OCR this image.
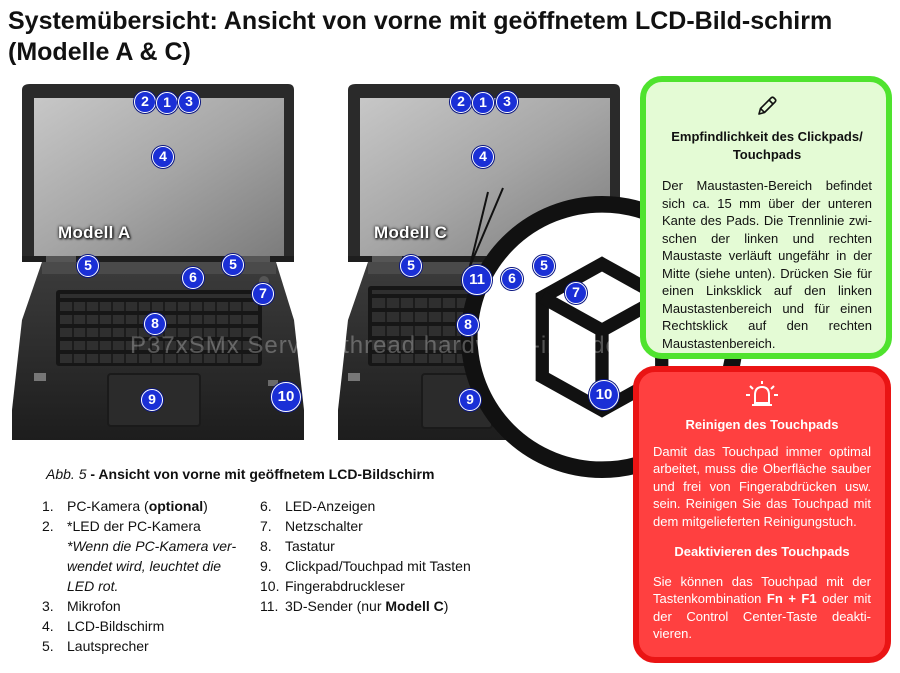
Systemübersicht: Ansicht von vorne mit geöffnetem LCD-Bild-schirm (Modelle A & C)
Modell A
2	1	3
4
5	5
6
7
8
9	10
Modell C
2	1	3
4
5	5
11	6
7
8
9	10
P37xSMx Service thread hardware-info.de
Abb. 5 - Ansicht von vorne mit geöffnetem LCD-Bildschirm
1. PC-Kamera (optional)
2. *LED der PC-Kamera
*Wenn die PC-Kamera ver-wendet wird, leuchtet die LED rot.
3. Mikrofon
4. LCD-Bildschirm
5. Lautsprecher
6. LED-Anzeigen
7. Netzschalter
8. Tastatur
9. Clickpad/Touchpad mit Tasten
10. Fingerabdruckleser
11. 3D-Sender (nur Modell C)
Empfindlichkeit des Clickpads/ Touchpads
Der Maustasten-Bereich befindet sich ca. 15 mm über der unteren Kante des Pads. Die Trennlinie zwi-schen der linken und rechten Maustaste verläuft ungefähr in der Mitte (siehe unten). Drücken Sie für einen Linksklick auf den linken Maustastenbereich und für einen Rechtsklick auf den rechten Maustastenbereich.
Reinigen des Touchpads
Damit das Touchpad immer optimal arbeitet, muss die Oberfläche sauber und frei von Fingerabdrücken usw. sein. Reinigen Sie das Touchpad mit dem mitgelieferten Reinigungstuch.
Deaktivieren des Touchpads
Sie können das Touchpad mit der Tastenkombination Fn + F1 oder mit der Control Center-Taste deakti-vieren.
